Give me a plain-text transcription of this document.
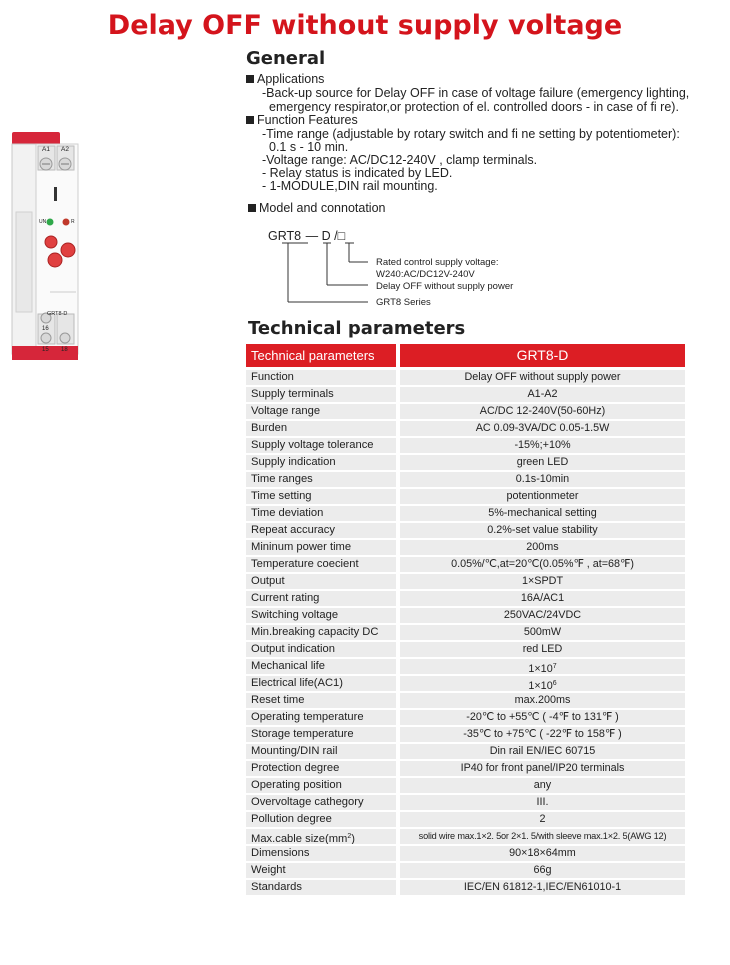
Delay OFF without supply voltage
A1 A2
UN	R
GRT8-D
16
15 18
General
Applications
-Back-up source for Delay OFF in case of voltage failure (emergency lighting,
emergency respirator,or protection of el. controlled doors - in case of fi re).
Function Features
-Time range (adjustable by rotary switch and fi ne setting by potentiometer):
0.1 s - 10 min.
-Voltage range: AC/DC12-240V , clamp terminals.
- Relay status is indicated by LED.
- 1-MODULE,DIN rail mounting.
Model and connotation
GRT8 — D /□
Rated control supply voltage:
W240:AC/DC12V-240V
Delay OFF without supply power
GRT8 Series
Technical parameters
Technical parameters	GRT8-D
Function	Delay OFF without supply power
Supply terminals	A1-A2
Voltage range	AC/DC 12-240V(50-60Hz)
Burden	AC 0.09-3VA/DC 0.05-1.5W
Supply voltage tolerance	-15%;+10%
Supply indication	green LED
Time ranges	0.1s-10min
Time setting	potentionmeter
Time deviation	5%-mechanical setting
Repeat accuracy	0.2%-set value stability
Mininum power time	200ms
Temperature coecient	0.05%/℃,at=20℃(0.05%℉ , at=68℉)
Output	1×SPDT
Current rating	16A/AC1
Switching voltage	250VAC/24VDC
Min.breaking capacity DC	500mW
Output indication	red LED
Mechanical life	$1\times 10^7$
Electrical life(AC1)	$1\times 10^6$
Reset time	max.200ms
Operating temperature	-20℃ to +55℃ ( -4℉ to 131℉ )
Storage temperature	-35℃ to +75℃ ( -22℉ to 158℉ )
Mounting/DIN rail	Din rail EN/IEC 60715
Protection degree	IP40 for front panel/IP20 terminals
Operating position	any
Overvoltage cathegory	III.
Pollution degree	2
Max.cable $size(mm^2)$	solid wire max.1×2. 5or 2×1. 5/with sleeve max.1×2. 5(AWG 12)
Dimensions	90×18×64mm
Weight	66g
Standards	IEC/EN 61812-1,IEC/EN61010-1
